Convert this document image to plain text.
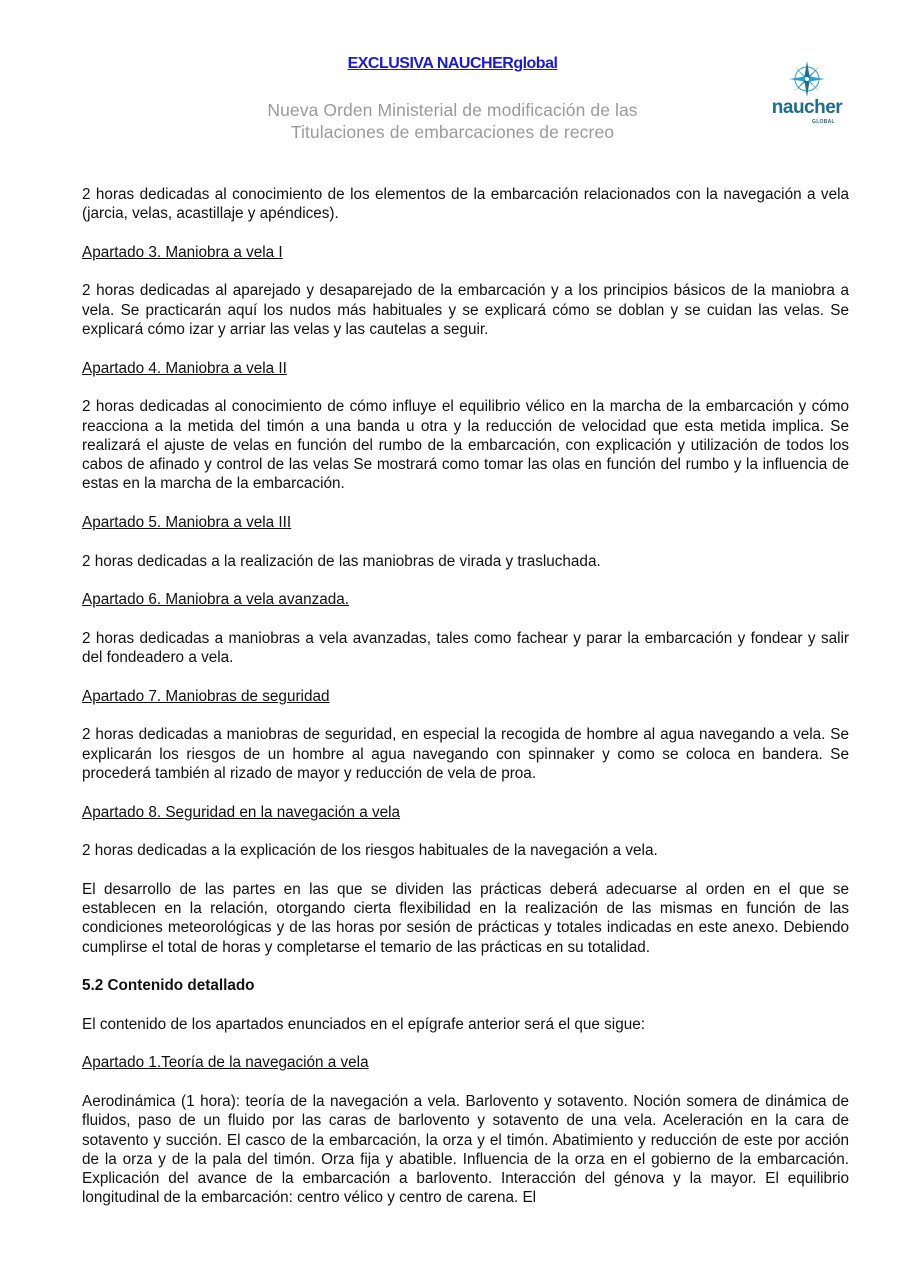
EXCLUSIVA NAUCHERglobal
Nueva Orden Ministerial de modificación de las
Titulaciones de embarcaciones de recreo
naucher
GLOBAL

2 horas dedicadas al conocimiento de los elementos de la embarcación relacionados con la navegación a vela (jarcia, velas, acastillaje y apéndices).

Apartado 3. Maniobra a vela I

2 horas dedicadas al aparejado y desaparejado de la embarcación y a los principios básicos de la maniobra a vela. Se practicarán aquí los nudos más habituales y se explicará cómo se doblan y se cuidan las velas. Se explicará cómo izar y arriar las velas y las cautelas a seguir.

Apartado 4. Maniobra a vela II

2 horas dedicadas al conocimiento de cómo influye el equilibrio vélico en la marcha de la embarcación y cómo reacciona a la metida del timón a una banda u otra y la reducción de velocidad que esta metida implica. Se realizará el ajuste de velas en función del rumbo de la embarcación, con explicación y utilización de todos los cabos de afinado y control de las velas Se mostrará como tomar las olas en función del rumbo y la influencia de estas en la marcha de la embarcación.

Apartado 5. Maniobra a vela III

2 horas dedicadas a la realización de las maniobras de virada y trasluchada.

Apartado 6. Maniobra a vela avanzada.

2 horas dedicadas a maniobras a vela avanzadas, tales como fachear y parar la embarcación y fondear y salir del fondeadero a vela.

Apartado 7. Maniobras de seguridad

2 horas dedicadas a maniobras de seguridad, en especial la recogida de hombre al agua navegando a vela. Se explicarán los riesgos de un hombre al agua navegando con spinnaker y como se coloca en bandera. Se procederá también al rizado de mayor y reducción de vela de proa.

Apartado 8. Seguridad en la navegación a vela

2 horas dedicadas a la explicación de los riesgos habituales de la navegación a vela.

El desarrollo de las partes en las que se dividen las prácticas deberá adecuarse al orden en el que se establecen en la relación, otorgando cierta flexibilidad en la realización de las mismas en función de las condiciones meteorológicas y de las horas por sesión de prácticas y totales indicadas en este anexo. Debiendo cumplirse el total de horas y completarse el temario de las prácticas en su totalidad.

5.2 Contenido detallado

El contenido de los apartados enunciados en el epígrafe anterior será el que sigue:

Apartado 1.Teoría de la navegación a vela

Aerodinámica (1 hora): teoría de la navegación a vela. Barlovento y sotavento. Noción somera de dinámica de fluidos, paso de un fluido por las caras de barlovento y sotavento de una vela. Aceleración en la cara de sotavento y succión. El casco de la embarcación, la orza y el timón. Abatimiento y reducción de este por acción de la orza y de la pala del timón. Orza fija y abatible. Influencia de la orza en el gobierno de la embarcación. Explicación del avance de la embarcación a barlovento. Interacción del génova y la mayor. El equilibrio longitudinal de la embarcación: centro vélico y centro de carena. El
